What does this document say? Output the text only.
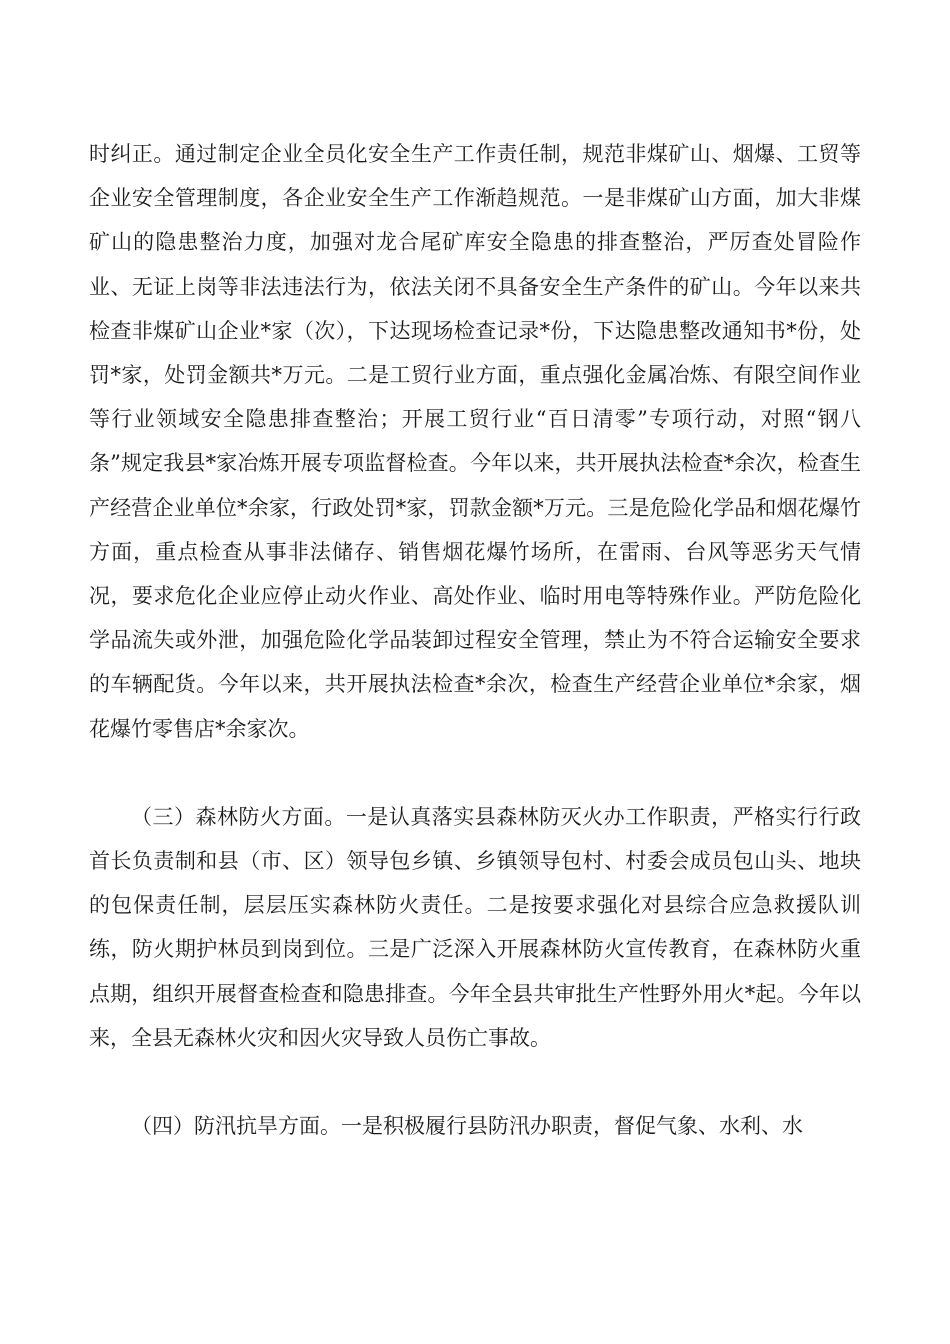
时纠正。通过制定企业全员化安全生产工作责任制，规范非煤矿山、烟爆、工贸等企业安全管理制度，各企业安全生产工作渐趋规范。一是非煤矿山方面，加大非煤矿山的隐患整治力度，加强对龙合尾矿库安全隐患的排查整治，严厉查处冒险作业、无证上岗等非法违法行为，依法关闭不具备安全生产条件的矿山。今年以来共检查非煤矿山企业*家（次），下达现场检查记录*份，下达隐患整改通知书*份，处罚*家，处罚金额共*万元。二是工贸行业方面，重点强化金属冶炼、有限空间作业等行业领域安全隐患排查整治；开展工贸行业“百日清零”专项行动，对照“钢八条”规定我县*家冶炼开展专项监督检查。今年以来，共开展执法检查*余次，检查生产经营企业单位*余家，行政处罚*家，罚款金额*万元。三是危险化学品和烟花爆竹方面，重点检查从事非法储存、销售烟花爆竹场所，在雷雨、台风等恶劣天气情况，要求危化企业应停止动火作业、高处作业、临时用电等特殊作业。严防危险化学品流失或外泄，加强危险化学品装卸过程安全管理，禁止为不符合运输安全要求的车辆配货。今年以来，共开展执法检查*余次，检查生产经营企业单位*余家，烟花爆竹零售店*余家次。

（三）森林防火方面。一是认真落实县森林防灭火办工作职责，严格实行行政首长负责制和县（市、区）领导包乡镇、乡镇领导包村、村委会成员包山头、地块的包保责任制，层层压实森林防火责任。二是按要求强化对县综合应急救援队训练，防火期护林员到岗到位。三是广泛深入开展森林防火宣传教育，在森林防火重点期，组织开展督查检查和隐患排查。今年全县共审批生产性野外用火*起。今年以来，全县无森林火灾和因火灾导致人员伤亡事故。

（四）防汛抗旱方面。一是积极履行县防汛办职责，督促气象、水利、水
